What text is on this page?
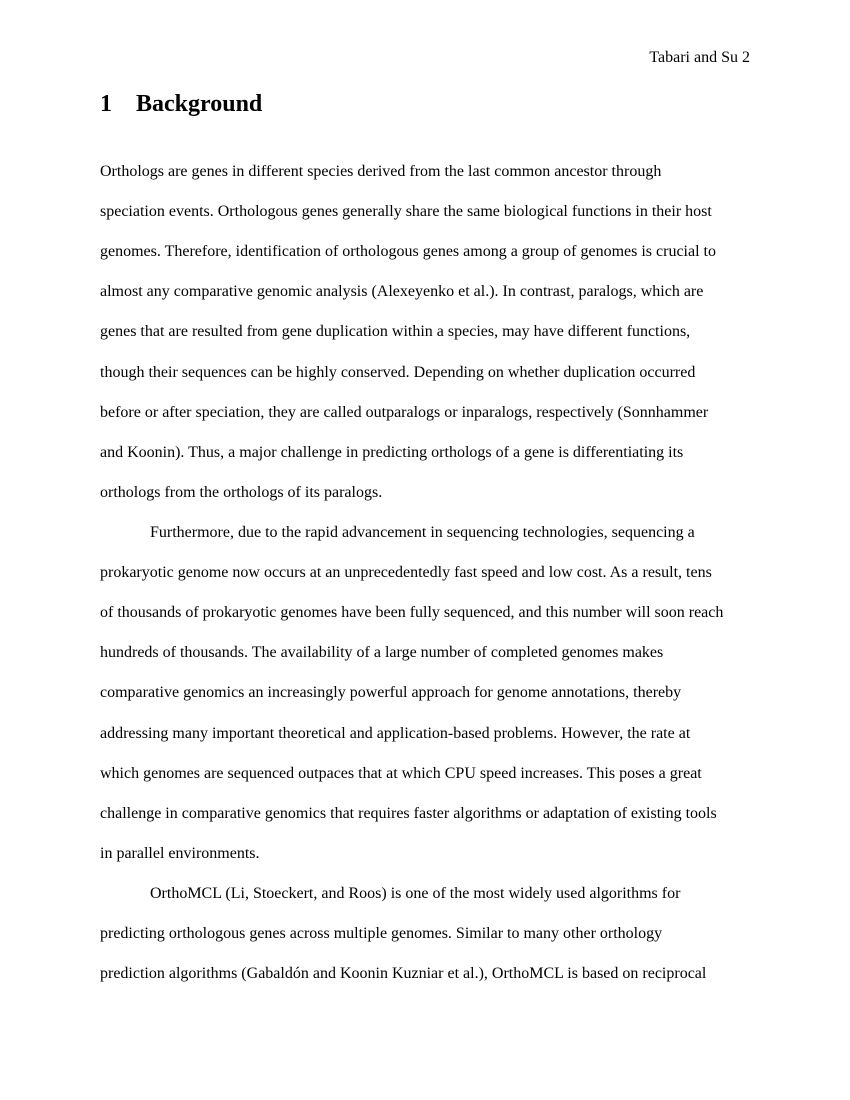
Tabari and Su 2
1 Background
Orthologs are genes in different species derived from the last common ancestor through
speciation events. Orthologous genes generally share the same biological functions in their host
genomes. Therefore, identification of orthologous genes among a group of genomes is crucial to
almost any comparative genomic analysis (Alexeyenko et al.). In contrast, paralogs, which are
genes that are resulted from gene duplication within a species, may have different functions,
though their sequences can be highly conserved. Depending on whether duplication occurred
before or after speciation, they are called outparalogs or inparalogs, respectively (Sonnhammer
and Koonin). Thus, a major challenge in predicting orthologs of a gene is differentiating its
orthologs from the orthologs of its paralogs.
Furthermore, due to the rapid advancement in sequencing technologies, sequencing a
prokaryotic genome now occurs at an unprecedentedly fast speed and low cost. As a result, tens
of thousands of prokaryotic genomes have been fully sequenced, and this number will soon reach
hundreds of thousands. The availability of a large number of completed genomes makes
comparative genomics an increasingly powerful approach for genome annotations, thereby
addressing many important theoretical and application-based problems. However, the rate at
which genomes are sequenced outpaces that at which CPU speed increases. This poses a great
challenge in comparative genomics that requires faster algorithms or adaptation of existing tools
in parallel environments.
OrthoMCL (Li, Stoeckert, and Roos) is one of the most widely used algorithms for
predicting orthologous genes across multiple genomes. Similar to many other orthology
prediction algorithms (Gabaldón and Koonin Kuzniar et al.), OrthoMCL is based on reciprocal
